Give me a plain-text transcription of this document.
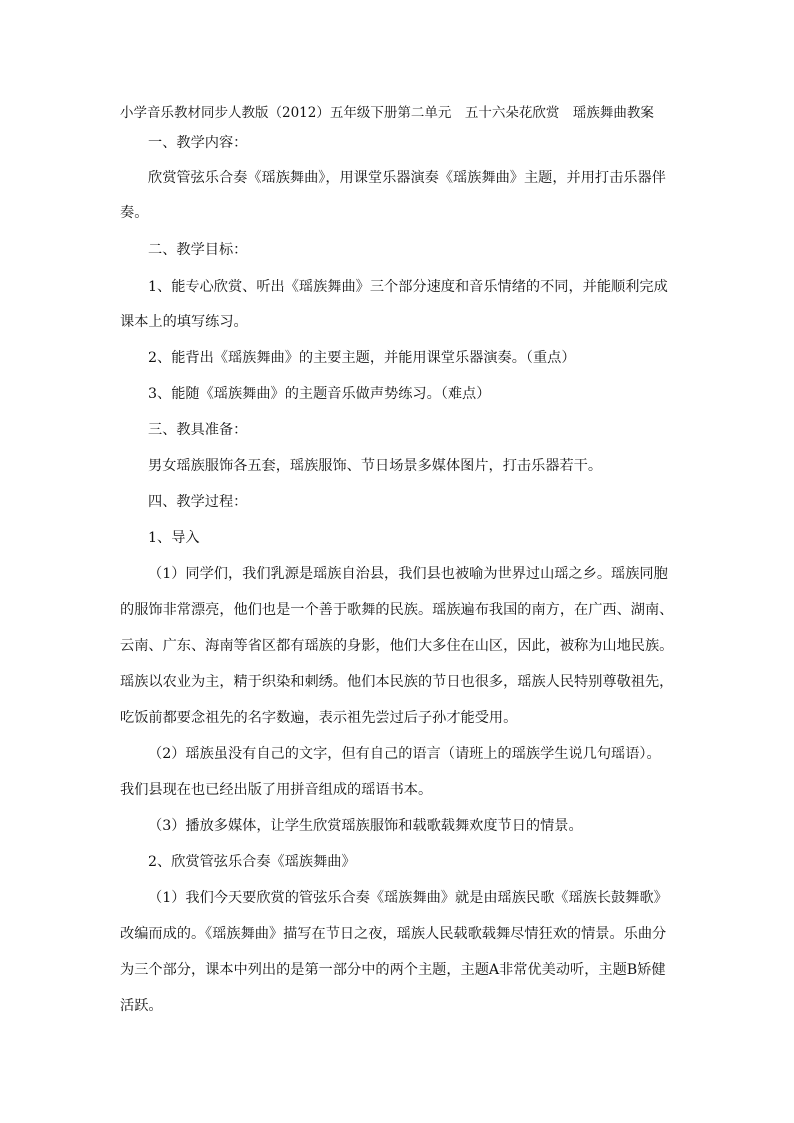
小学音乐教材同步人教版（2012）五年级下册第二单元　五十六朵花欣赏　瑶族舞曲教案
一、教学内容：
欣赏管弦乐合奏《瑶族舞曲》，用课堂乐器演奏《瑶族舞曲》主题，并用打击乐器伴
奏。
二、教学目标：
1、能专心欣赏、听出《瑶族舞曲》三个部分速度和音乐情绪的不同，并能顺利完成
课本上的填写练习。
2、能背出《瑶族舞曲》的主要主题，并能用课堂乐器演奏。（重点）
3、能随《瑶族舞曲》的主题音乐做声势练习。（难点）
三、教具准备：
男女瑶族服饰各五套，瑶族服饰、节日场景多媒体图片，打击乐器若干。
四、教学过程：
1、导入
（1）同学们，我们乳源是瑶族自治县，我们县也被喻为世界过山瑶之乡。瑶族同胞
的服饰非常漂亮，他们也是一个善于歌舞的民族。瑶族遍布我国的南方，在广西、湖南、
云南、广东、海南等省区都有瑶族的身影，他们大多住在山区，因此，被称为山地民族。
瑶族以农业为主，精于织染和刺绣。他们本民族的节日也很多，瑶族人民特别尊敬祖先，
吃饭前都要念祖先的名字数遍，表示祖先尝过后子孙才能受用。
（2）瑶族虽没有自己的文字，但有自己的语言（请班上的瑶族学生说几句瑶语）。
我们县现在也已经出版了用拼音组成的瑶语书本。
（3）播放多媒体，让学生欣赏瑶族服饰和载歌载舞欢度节日的情景。
2、欣赏管弦乐合奏《瑶族舞曲》
（1）我们今天要欣赏的管弦乐合奏《瑶族舞曲》就是由瑶族民歌《瑶族长鼓舞歌》
改编而成的。《瑶族舞曲》描写在节日之夜，瑶族人民载歌载舞尽情狂欢的情景。乐曲分
为三个部分，课本中列出的是第一部分中的两个主题，主题A非常优美动听，主题B矫健
活跃。
